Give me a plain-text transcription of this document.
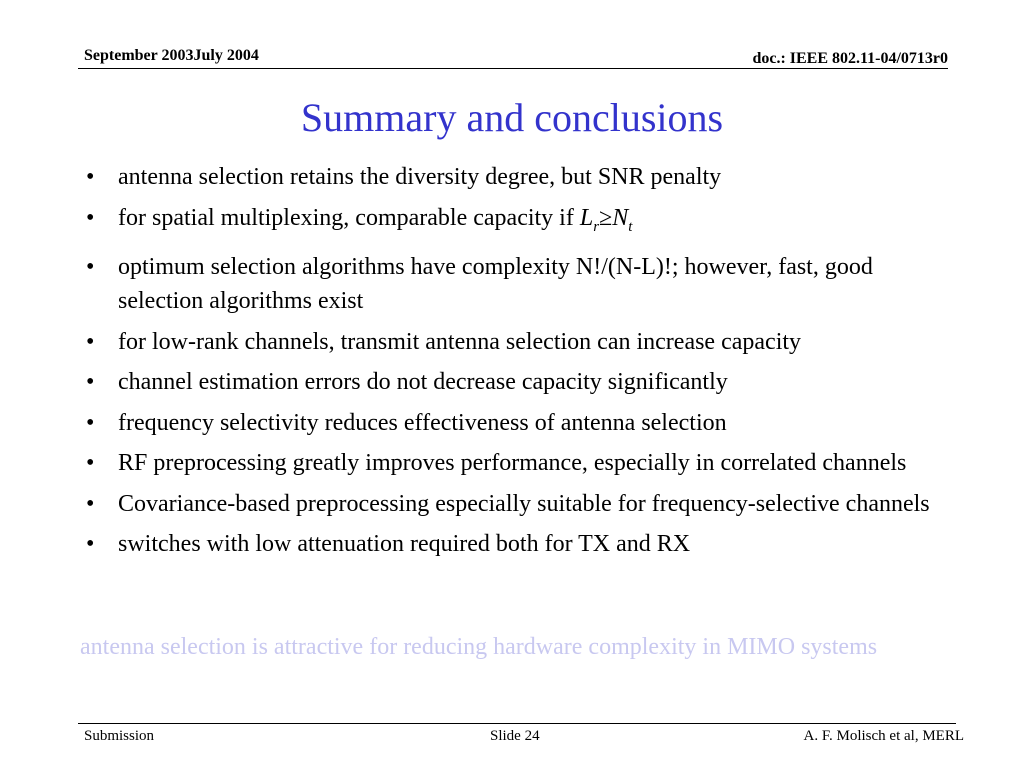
September 2003July 2004	doc.: IEEE 802.11-04/0713r0
Summary and conclusions
• antenna selection retains the diversity degree, but SNR penalty
• for spatial multiplexing, comparable capacity if $L_r\ge N_t$
• optimum selection algorithms have complexity N!/(N-L)!; however, fast, good selection algorithms exist
• for low-rank channels, transmit antenna selection can increase capacity
• channel estimation errors do not decrease capacity significantly
• frequency selectivity reduces effectiveness of antenna selection
• RF preprocessing greatly improves performance, especially in correlated channels
• Covariance-based preprocessing especially suitable for frequency-selective channels
• switches with low attenuation required both for TX and RX
antenna selection is attractive for reducing hardware complexity in MIMO systems
Submission	Slide 24	A. F. Molisch et al, MERL
